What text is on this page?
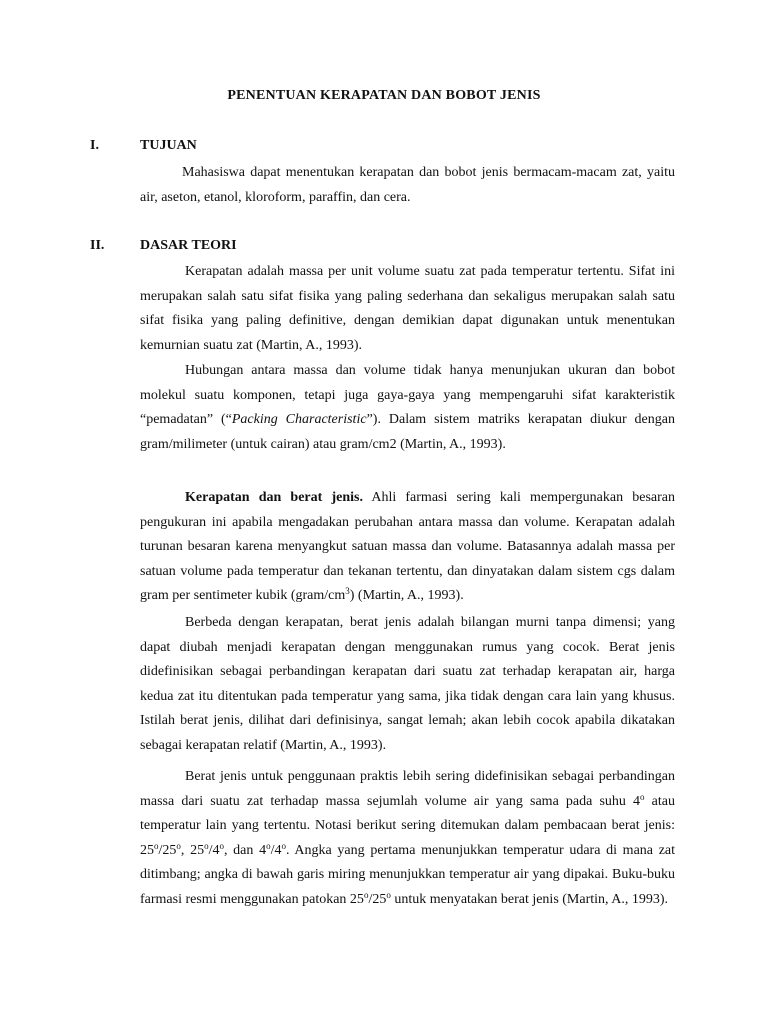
PENENTUAN KERAPATAN DAN BOBOT JENIS
I.	TUJUAN

Mahasiswa dapat menentukan kerapatan dan bobot jenis bermacam-macam zat, yaitu air, aseton, etanol, kloroform, paraffin, dan cera.

II.	DASAR TEORI

Kerapatan adalah massa per unit volume suatu zat pada temperatur tertentu. Sifat ini merupakan salah satu sifat fisika yang paling sederhana dan sekaligus merupakan salah satu sifat fisika yang paling definitive, dengan demikian dapat digunakan untuk menentukan kemurnian suatu zat (Martin, A., 1993).

Hubungan antara massa dan volume tidak hanya menunjukan ukuran dan bobot molekul suatu komponen, tetapi juga gaya-gaya yang mempengaruhi sifat karakteristik “pemadatan” (“Packing Characteristic”). Dalam sistem matriks kerapatan diukur dengan gram/milimeter (untuk cairan) atau gram/cm2 (Martin, A., 1993).

Kerapatan dan berat jenis. Ahli farmasi sering kali mempergunakan besaran pengukuran ini apabila mengadakan perubahan antara massa dan volume. Kerapatan adalah turunan besaran karena menyangkut satuan massa dan volume. Batasannya adalah massa per satuan volume pada temperatur dan tekanan tertentu, dan dinyatakan dalam sistem cgs dalam gram per sentimeter kubik $(gram/cm^3)$ (Martin, A., 1993).

Berbeda dengan kerapatan, berat jenis adalah bilangan murni tanpa dimensi; yang dapat diubah menjadi kerapatan dengan menggunakan rumus yang cocok. Berat jenis didefinisikan sebagai perbandingan kerapatan dari suatu zat terhadap kerapatan air, harga kedua zat itu ditentukan pada temperatur yang sama, jika tidak dengan cara lain yang khusus. Istilah berat jenis, dilihat dari definisinya, sangat lemah; akan lebih cocok apabila dikatakan sebagai kerapatan relatif (Martin, A., 1993).

Berat jenis untuk penggunaan praktis lebih sering didefinisikan sebagai perbandingan massa dari suatu zat terhadap massa sejumlah volume air yang sama pada suhu 4$^o$ atau temperatur lain yang tertentu. Notasi berikut sering ditemukan dalam pembacaan berat jenis: 25$^o$/25$^o$, 25$^o$/4$^o$, dan 4$^o$/4$^o$. Angka yang pertama menunjukkan temperatur udara di mana zat ditimbang; angka di bawah garis miring menunjukkan temperatur air yang dipakai. Buku-buku farmasi resmi menggunakan patokan 25$^o$/25$^o$ untuk menyatakan berat jenis (Martin, A., 1993).
